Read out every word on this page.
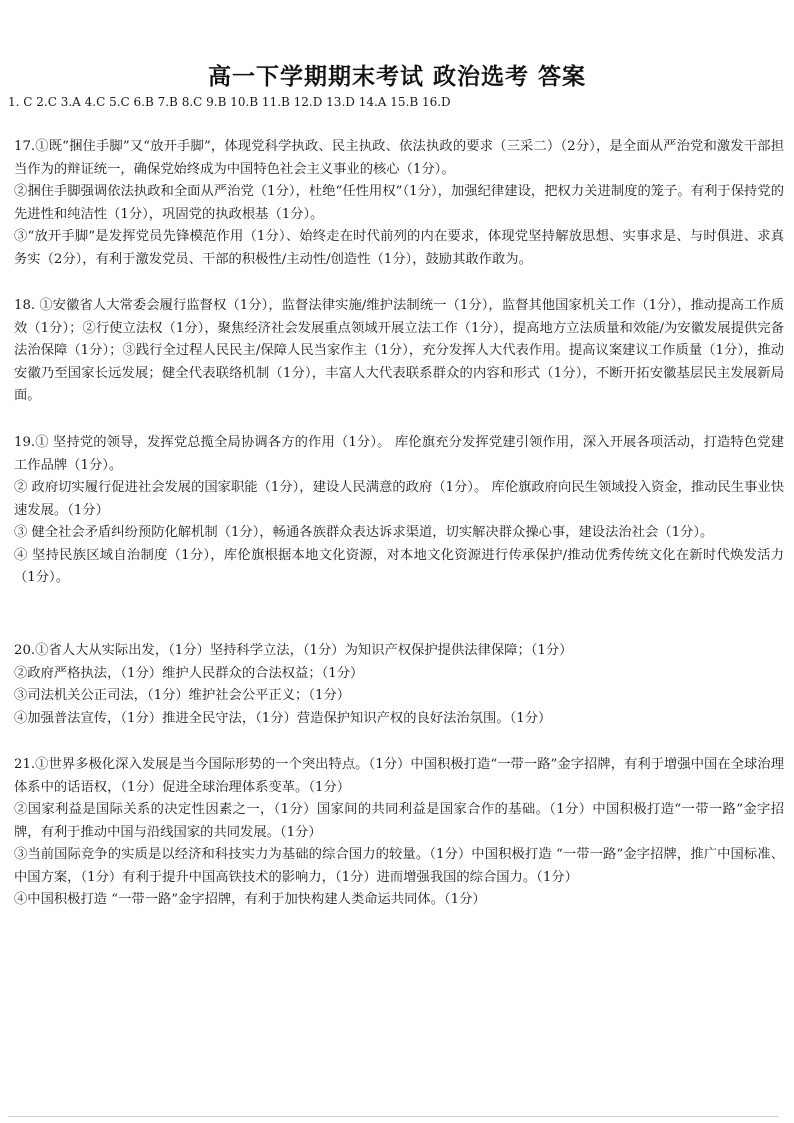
高一下学期期末考试 政治选考 答案
1. C 2.C 3.A 4.C 5.C 6.B 7.B 8.C 9.B 10.B 11.B 12.D 13.D 14.A 15.B 16.D

17.①既“捆住手脚”又“放开手脚”，体现党科学执政、民主执政、依法执政的要求（三采二）（2分），是全面从严治党和激发干部担当作为的辩证统一，确保党始终成为中国特色社会主义事业的核心（1分）。

②捆住手脚强调依法执政和全面从严治党（1分），杜绝“任性用权”（1分），加强纪律建设，把权力关进制度的笼子。有利于保持党的先进性和纯洁性（1分），巩固党的执政根基（1分）。

③“放开手脚”是发挥党员先锋模范作用（1分）、始终走在时代前列的内在要求，体现党坚持解放思想、实事求是、与时俱进、求真务实（2分），有利于激发党员、干部的积极性/主动性/创造性（1分），鼓励其敢作敢为。

18. ①安徽省人大常委会履行监督权（1分），监督法律实施/维护法制统一（1分），监督其他国家机关工作（1分），推动提高工作质效（1分）；②行使立法权（1分），聚焦经济社会发展重点领域开展立法工作（1分），提高地方立法质量和效能/为安徽发展提供完备法治保障（1分）；③践行全过程人民民主/保障人民当家作主（1分），充分发挥人大代表作用。提高议案建议工作质量（1分），推动安徽乃至国家长远发展；健全代表联络机制（1分），丰富人大代表联系群众的内容和形式（1分），不断开拓安徽基层民主发展新局面。

19.① 坚持党的领导，发挥党总揽全局协调各方的作用（1分）。 库伦旗充分发挥党建引领作用，深入开展各项活动，打造特色党建工作品牌（1分）。

② 政府切实履行促进社会发展的国家职能（1分），建设人民满意的政府（1分）。 库伦旗政府向民生领域投入资金，推动民生事业快速发展。（1分）

③ 健全社会矛盾纠纷预防化解机制（1分），畅通各族群众表达诉求渠道，切实解决群众操心事，建设法治社会（1分）。

④ 坚持民族区域自治制度（1分），库伦旗根据本地文化资源，对本地文化资源进行传承保护/推动优秀传统文化在新时代焕发活力（1分）。

20.①省人大从实际出发，（1分）坚持科学立法，（1分）为知识产权保护提供法律保障；（1分）

②政府严格执法，（1分）维护人民群众的合法权益；（1分）

③司法机关公正司法，（1分）维护社会公平正义；（1分）

④加强普法宣传，（1分）推进全民守法，（1分）营造保护知识产权的良好法治氛围。（1分）

21.①世界多极化深入发展是当今国际形势的一个突出特点。（1分）中国积极打造“一带一路”金字招牌，有利于增强中国在全球治理体系中的话语权，（1分）促进全球治理体系变革。（1分）

②国家利益是国际关系的决定性因素之一，（1分）国家间的共同利益是国家合作的基础。（1分）中国积极打造“一带一路”金字招牌，有利于推动中国与沿线国家的共同发展。（1分）

③当前国际竞争的实质是以经济和科技实力为基础的综合国力的较量。（1分）中国积极打造 “一带一路”金字招牌，推广中国标准、中国方案，（1分）有利于提升中国高铁技术的影响力，（1分）进而增强我国的综合国力。（1分）

④中国积极打造 “一带一路”金字招牌，有利于加快构建人类命运共同体。（1分）
